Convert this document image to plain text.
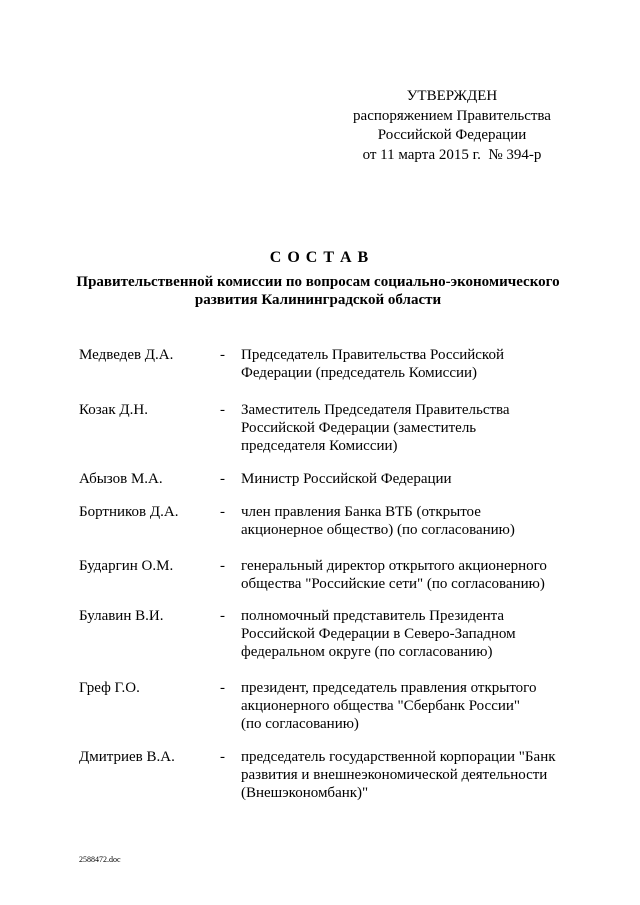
УТВЕРЖДЕН
распоряжением Правительства
Российской Федерации
от 11 марта 2015 г.  № 394-р
С О С Т А В
Правительственной комиссии по вопросам социально-экономического
развития Калининградской области
Медведев Д.А.	- Председатель Правительства Российской
Федерации (председатель Комиссии)
Козак Д.Н.	- Заместитель Председателя Правительства
Российской Федерации (заместитель
председателя Комиссии)
Абызов М.А.	- Министр Российской Федерации
Бортников Д.А.	- член правления Банка ВТБ (открытое
акционерное общество) (по согласованию)
Бударгин О.М.	- генеральный директор открытого акционерного
общества "Российские сети" (по согласованию)
Булавин В.И.	- полномочный представитель Президента
Российской Федерации в Северо-Западном
федеральном округе (по согласованию)
Греф Г.О.	- президент, председатель правления открытого
акционерного общества "Сбербанк России"
(по согласованию)
Дмитриев В.А.	- председатель государственной корпорации "Банк
развития и внешнеэкономической деятельности
(Внешэкономбанк)"
2588472.doc
